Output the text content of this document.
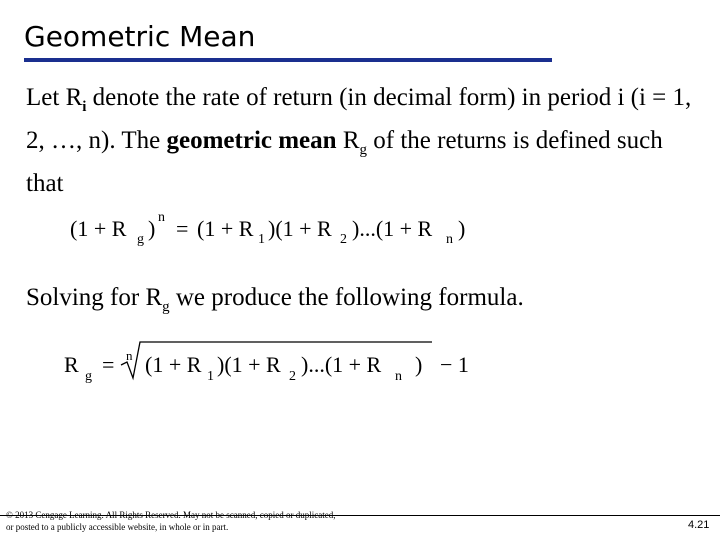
Geometric Mean
Let $R_i$ denote the rate of return (in decimal form) in period i (i = 1, 2, …, n). The geometric mean $R_g$ of the returns is defined such that
Solving for $R_g$ we produce the following formula.
(1 + R g ) n = (1 + R 1 )(1 + R 2 )...(1 + R n )
R g = n (1 + R 1 )(1 + R 2 )...(1 + R n ) − 1
© 2013 Cengage Learning. All Rights Reserved. May not be scanned, copied or duplicated, or posted to a publicly accessible website, in whole or in part.	4.21
